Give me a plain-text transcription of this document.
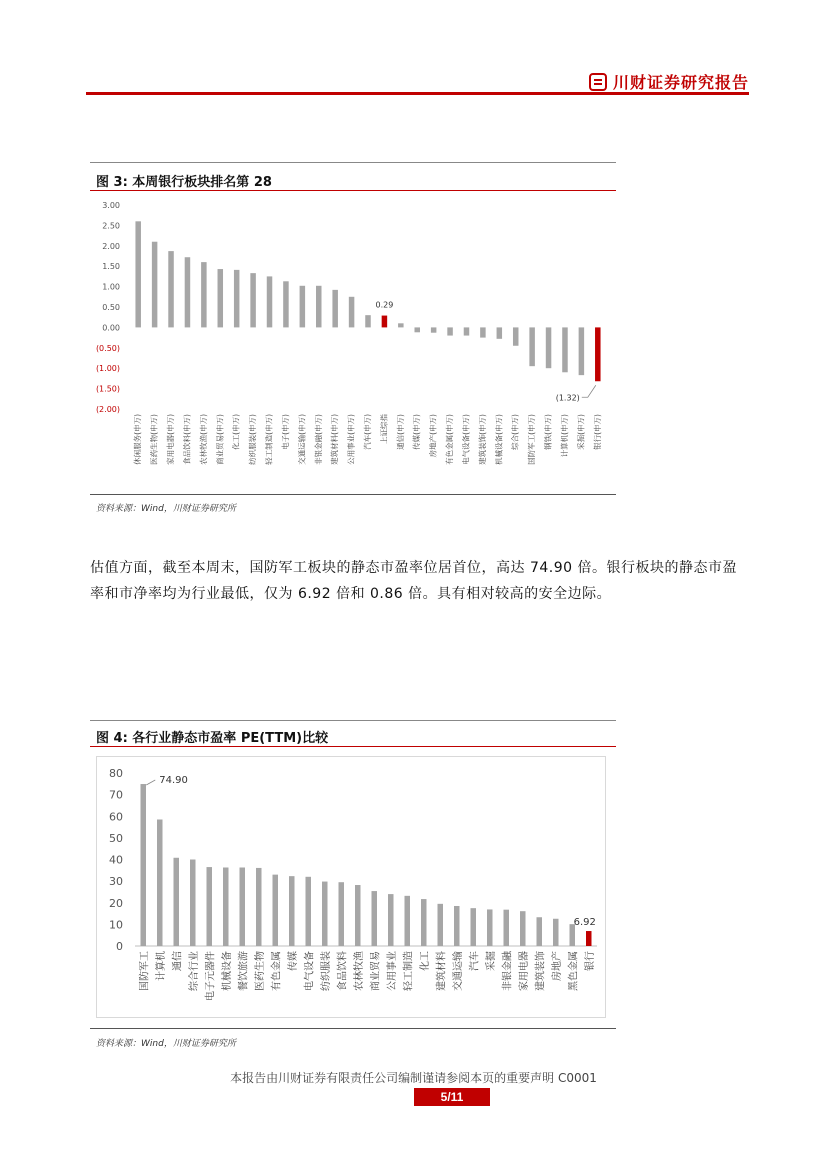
川财证券研究报告
图 3: 本周银行板块排名第 28
3.00
2.50
2.00
1.50
1.00
0.50
0.00
(0.50)
(1.00)
(1.50)
(2.00)
休闲服务(申万) 医药生物(申万) 家用电器(申万) 食品饮料(申万) 农林牧渔(申万) 商业贸易(申万) 化工(申万) 纺织服装(申万) 轻工制造(申万) 电子(申万) 交通运输(申万) 非银金融(申万) 建筑材料(申万) 公用事业(申万) 汽车(申万) 上证综指 通信(申万) 传媒(申万) 房地产(申万) 有色金属(申万) 电气设备(申万) 建筑装饰(申万) 机械设备(申万) 综合(申万) 国防军工(申万) 钢铁(申万) 计算机(申万) 采掘(申万) 银行(申万)
0.29
(1.32)
资料来源：Wind，川财证券研究所
估值方面，截至本周末，国防军工板块的静态市盈率位居首位，高达 74.90 倍。银行板块的静态市盈率和市净率均为行业最低，仅为 6.92 倍和 0.86 倍。具有相对较高的安全边际。
图 4: 各行业静态市盈率 PE(TTM)比较
80
70
60
50
40
30
20
10
0
国防军工 计算机 通信 综合行业 电子元器件 机械设备 餐饮旅游 医药生物 有色金属 传媒 电气设备 纺织服装 食品饮料 农林牧渔 商业贸易 公用事业 轻工制造 化工 建筑材料 交通运输 汽车 采掘 非银金融 家用电器 建筑装饰 房地产 黑色金属 银行
74.90
6.92
资料来源：Wind，川财证券研究所
本报告由川财证券有限责任公司编制谨请参阅本页的重要声明 C0001
5/11
